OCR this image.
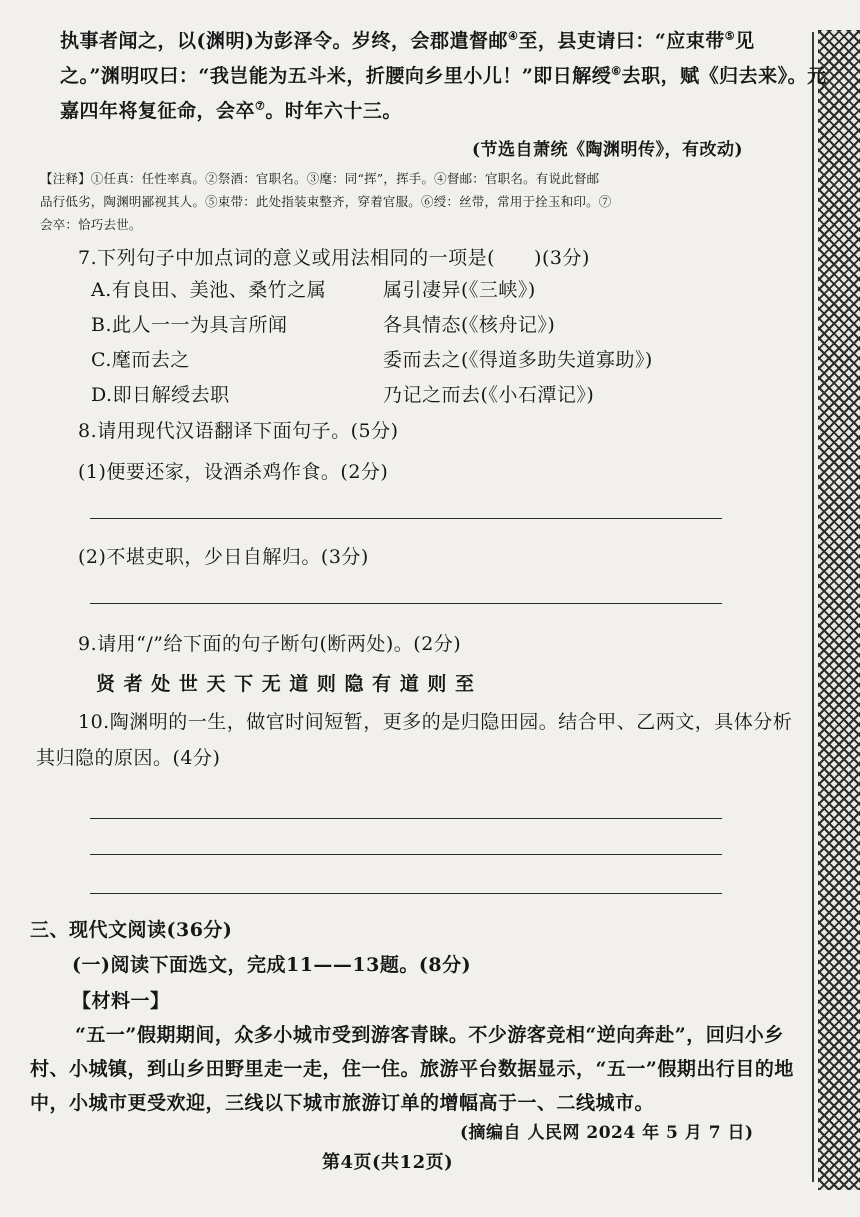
执事者闻之，以(渊明)为彭泽令。岁终，会郡遣督邮④至，县吏请曰：“应束带⑤见
之。”渊明叹曰：“我岂能为五斗米，折腰向乡里小儿！”即日解绶⑥去职，赋《归去来》。元
嘉四年将复征命，会卒⑦。时年六十三。
(节选自萧统《陶渊明传》，有改动)
【注释】①任真：任性率真。②祭酒：官职名。③麾：同“挥”，挥手。④督邮：官职名。有说此督邮
品行低劣，陶渊明鄙视其人。⑤束带：此处指装束整齐，穿着官服。⑥绶：丝带，常用于拴玉和印。⑦
会卒：恰巧去世。
7.下列句子中加点词的意义或用法相同的一项是(　　)(3分)
A.有良田、美池、桑竹之属	属引凄异(《三峡》)
B.此人一一为具言所闻	各具情态(《核舟记》)
C.麾而去之	委而去之(《得道多助失道寡助》)
D.即日解绶去职	乃记之而去(《小石潭记》)
8.请用现代汉语翻译下面句子。(5分)
(1)便要还家，设酒杀鸡作食。(2分)
(2)不堪吏职，少日自解归。(3分)
9.请用“/”给下面的句子断句(断两处)。(2分)
贤 者 处 世 天 下 无 道 则 隐 有 道 则 至
10.陶渊明的一生，做官时间短暂，更多的是归隐田园。结合甲、乙两文，具体分析
其归隐的原因。(4分)
三、现代文阅读(36分)
(一)阅读下面选文，完成11——13题。(8分)
【材料一】
“五一”假期期间，众多小城市受到游客青睐。不少游客竞相“逆向奔赴”，回归小乡
村、小城镇，到山乡田野里走一走，住一住。旅游平台数据显示，“五一”假期出行目的地
中，小城市更受欢迎，三线以下城市旅游订单的增幅高于一、二线城市。
(摘编自 人民网 2024 年 5 月 7 日)
第4页(共12页)
